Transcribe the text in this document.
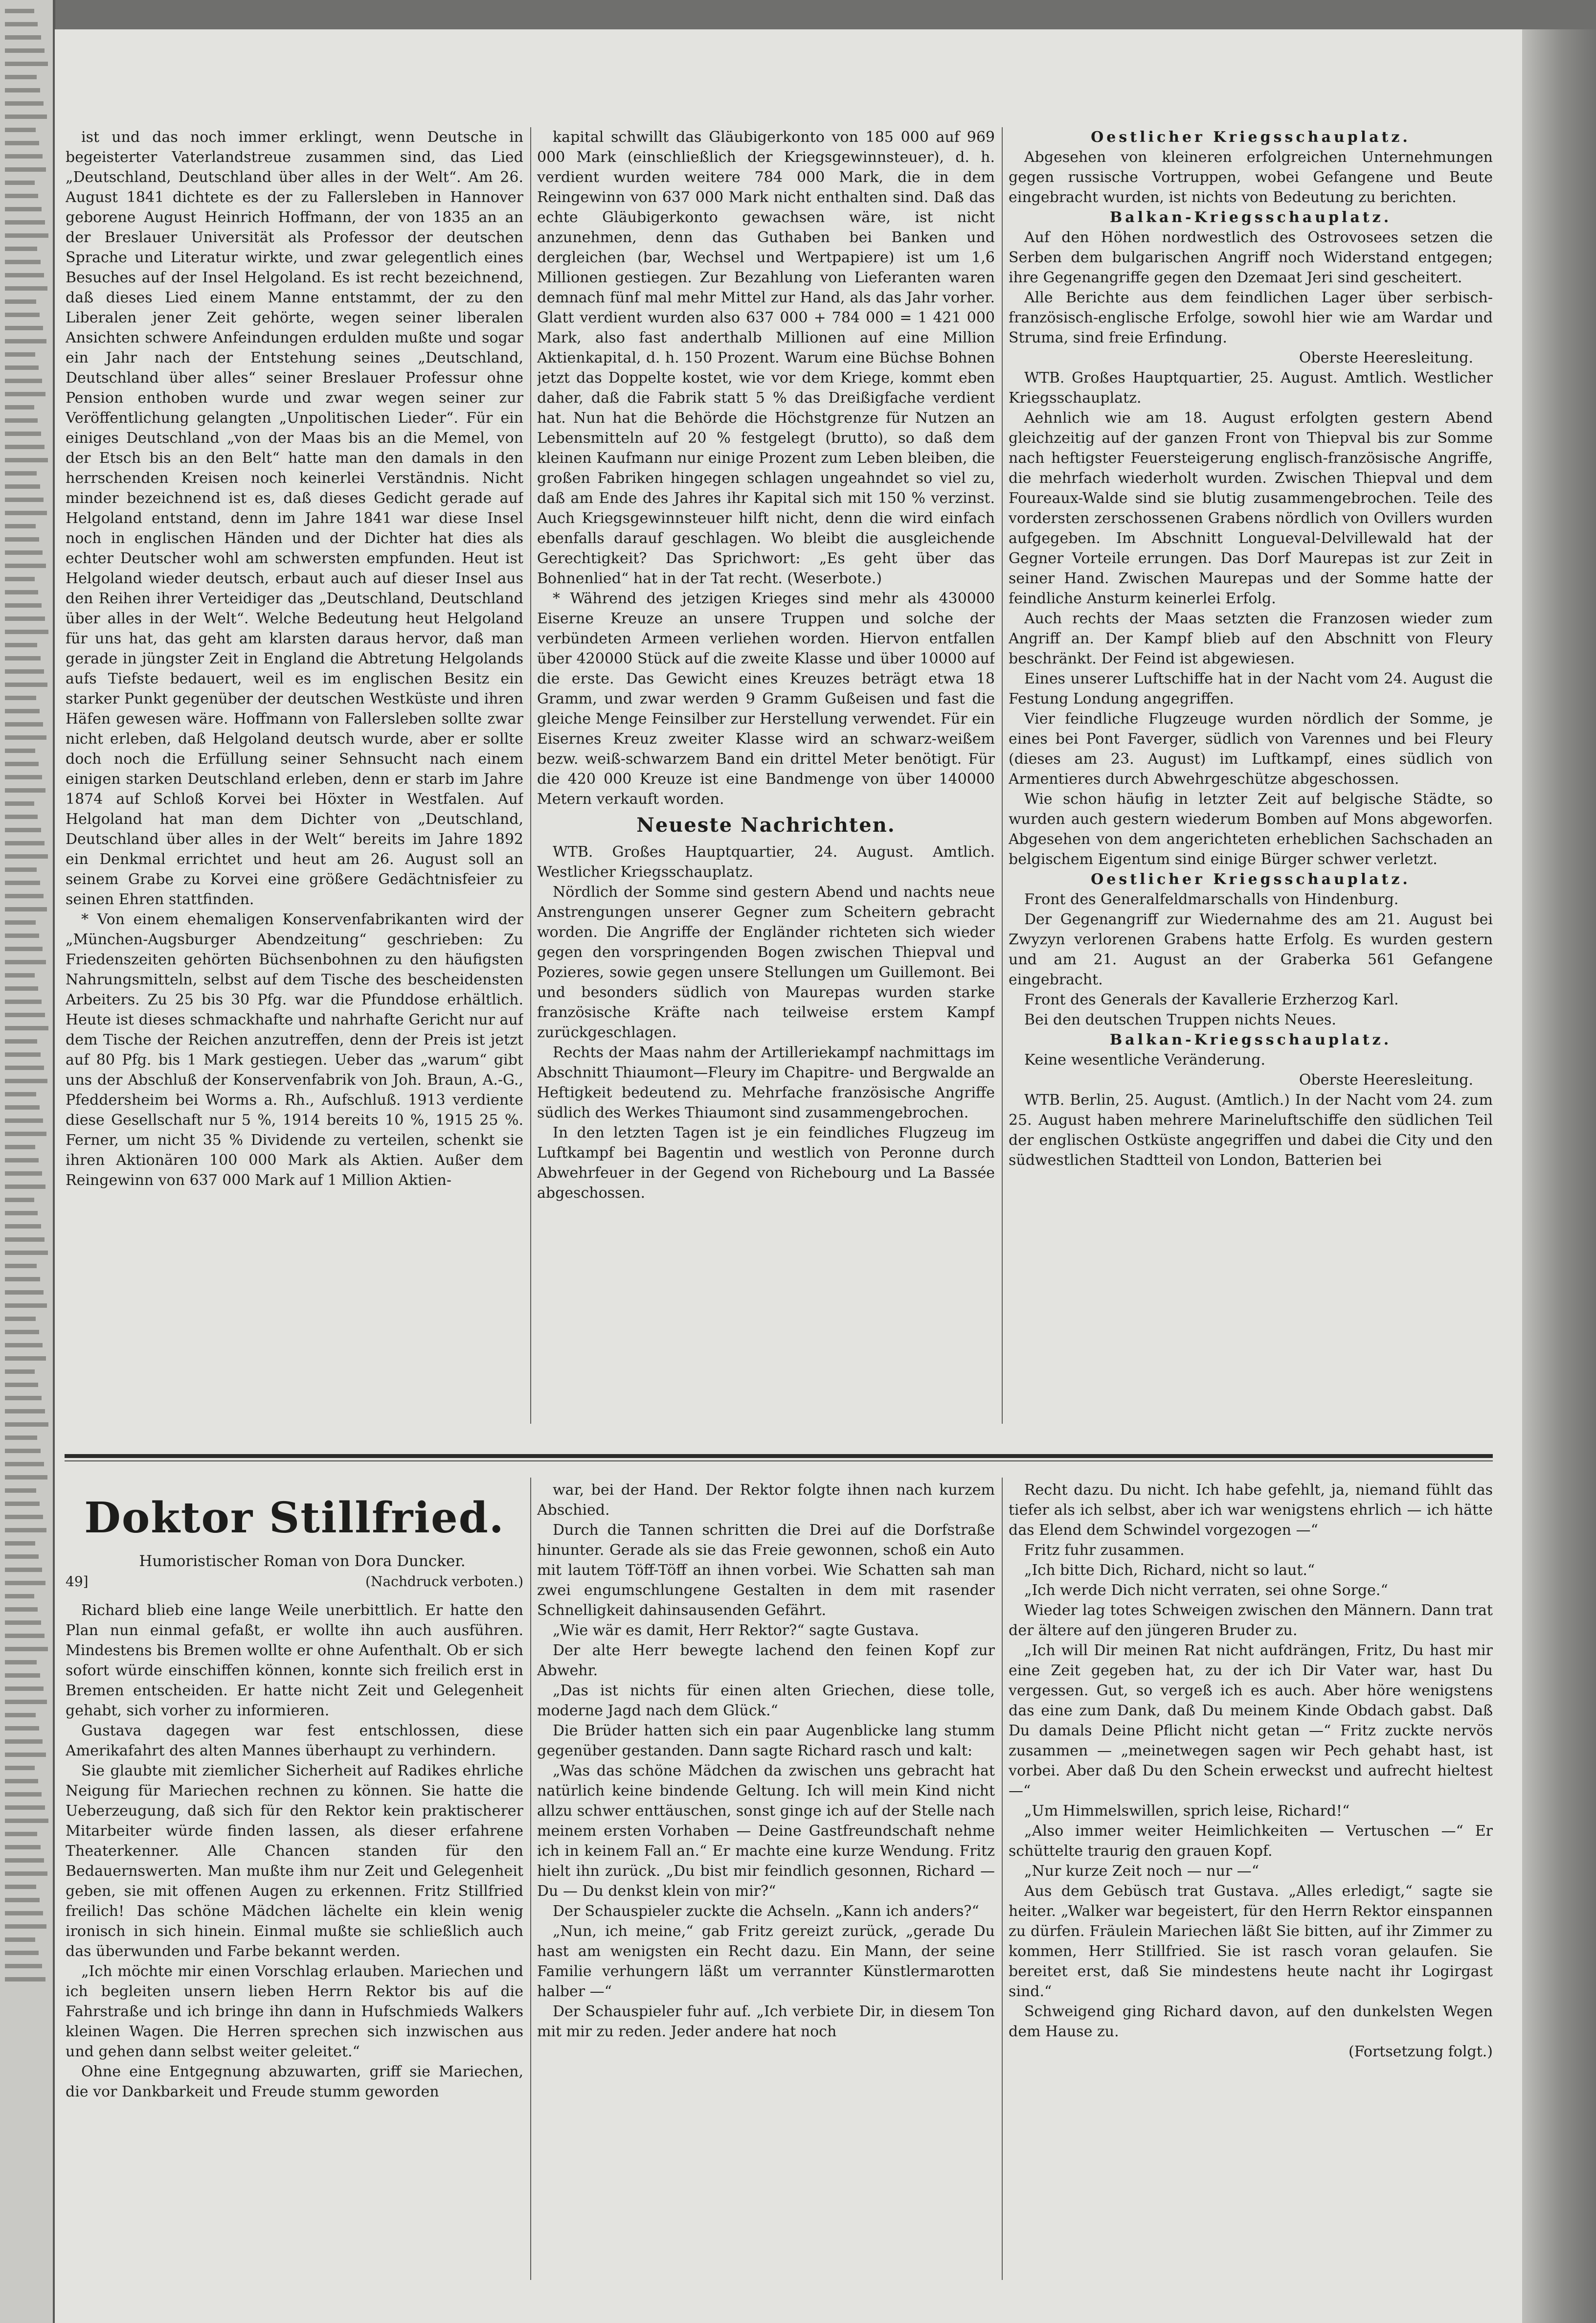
ist und das noch immer erklingt, wenn Deutsche in begeisterter Vaterlandstreue zusammen sind, das Lied „Deutschland, Deutschland über alles in der Welt“. Am 26. August 1841 dichtete es der zu Fallersleben in Hannover geborene August Heinrich Hoffmann, der von 1835 an an der Breslauer Universität als Professor der deutschen Sprache und Literatur wirkte, und zwar gelegentlich eines Besuches auf der Insel Helgoland. Es ist recht bezeichnend, daß dieses Lied einem Manne entstammt, der zu den Liberalen jener Zeit gehörte, wegen seiner liberalen Ansichten schwere Anfeindungen erdulden mußte und sogar ein Jahr nach der Entstehung seines „Deutschland, Deutschland über alles“ seiner Breslauer Professur ohne Pension enthoben wurde und zwar wegen seiner zur Veröffentlichung gelangten „Unpolitischen Lieder“. Für ein einiges Deutschland „von der Maas bis an die Memel, von der Etsch bis an den Belt“ hatte man den damals in den herrschenden Kreisen noch keinerlei Verständnis. Nicht minder bezeichnend ist es, daß dieses Gedicht gerade auf Helgoland entstand, denn im Jahre 1841 war diese Insel noch in englischen Händen und der Dichter hat dies als echter Deutscher wohl am schwersten empfunden. Heut ist Helgoland wieder deutsch, erbaut auch auf dieser Insel aus den Reihen ihrer Verteidiger das „Deutschland, Deutschland über alles in der Welt“. Welche Bedeutung heut Helgoland für uns hat, das geht am klarsten daraus hervor, daß man gerade in jüngster Zeit in England die Abtretung Helgolands aufs Tiefste bedauert, weil es im englischen Besitz ein starker Punkt gegenüber der deutschen Westküste und ihren Häfen gewesen wäre. Hoffmann von Fallersleben sollte zwar nicht erleben, daß Helgoland deutsch wurde, aber er sollte doch noch die Erfüllung seiner Sehnsucht nach einem einigen starken Deutschland erleben, denn er starb im Jahre 1874 auf Schloß Korvei bei Höxter in Westfalen. Auf Helgoland hat man dem Dichter von „Deutschland, Deutschland über alles in der Welt“ bereits im Jahre 1892 ein Denkmal errichtet und heut am 26. August soll an seinem Grabe zu Korvei eine größere Gedächtnisfeier zu seinen Ehren stattfinden.

* Von einem ehemaligen Konservenfabrikanten wird der „München-Augsburger Abendzeitung“ geschrieben: Zu Friedenszeiten gehörten Büchsenbohnen zu den häufigsten Nahrungsmitteln, selbst auf dem Tische des bescheidensten Arbeiters. Zu 25 bis 30 Pfg. war die Pfunddose erhältlich. Heute ist dieses schmackhafte und nahrhafte Gericht nur auf dem Tische der Reichen anzutreffen, denn der Preis ist jetzt auf 80 Pfg. bis 1 Mark gestiegen. Ueber das „warum“ gibt uns der Abschluß der Konservenfabrik von Joh. Braun, A.-G., Pfeddersheim bei Worms a. Rh., Aufschluß. 1913 verdiente diese Gesellschaft nur 5 %, 1914 bereits 10 %, 1915 25 %. Ferner, um nicht 35 % Dividende zu verteilen, schenkt sie ihren Aktionären 100 000 Mark als Aktien. Außer dem Reingewinn von 637 000 Mark auf 1 Million Aktien-

kapital schwillt das Gläubigerkonto von 185 000 auf 969 000 Mark (einschließlich der Kriegsgewinnsteuer), d. h. verdient wurden weitere 784 000 Mark, die in dem Reingewinn von 637 000 Mark nicht enthalten sind. Daß das echte Gläubigerkonto gewachsen wäre, ist nicht anzunehmen, denn das Guthaben bei Banken und dergleichen (bar, Wechsel und Wertpapiere) ist um 1,6 Millionen gestiegen. Zur Bezahlung von Lieferanten waren demnach fünf mal mehr Mittel zur Hand, als das Jahr vorher. Glatt verdient wurden also 637 000 + 784 000 = 1 421 000 Mark, also fast anderthalb Millionen auf eine Million Aktienkapital, d. h. 150 Prozent. Warum eine Büchse Bohnen jetzt das Doppelte kostet, wie vor dem Kriege, kommt eben daher, daß die Fabrik statt 5 % das Dreißigfache verdient hat. Nun hat die Behörde die Höchstgrenze für Nutzen an Lebensmitteln auf 20 % festgelegt (brutto), so daß dem kleinen Kaufmann nur einige Prozent zum Leben bleiben, die großen Fabriken hingegen schlagen ungeahndet so viel zu, daß am Ende des Jahres ihr Kapital sich mit 150 % verzinst. Auch Kriegsgewinnsteuer hilft nicht, denn die wird einfach ebenfalls darauf geschlagen. Wo bleibt die ausgleichende Gerechtigkeit? Das Sprichwort: „Es geht über das Bohnenlied“ hat in der Tat recht. (Weserbote.)

* Während des jetzigen Krieges sind mehr als 430000 Eiserne Kreuze an unsere Truppen und solche der verbündeten Armeen verliehen worden. Hiervon entfallen über 420000 Stück auf die zweite Klasse und über 10000 auf die erste. Das Gewicht eines Kreuzes beträgt etwa 18 Gramm, und zwar werden 9 Gramm Gußeisen und fast die gleiche Menge Feinsilber zur Herstellung verwendet. Für ein Eisernes Kreuz zweiter Klasse wird an schwarz-weißem bezw. weiß-schwarzem Band ein drittel Meter benötigt. Für die 420 000 Kreuze ist eine Bandmenge von über 140000 Metern verkauft worden.

Neueste Nachrichten.

WTB. Großes Hauptquartier, 24. August. Amtlich. Westlicher Kriegsschauplatz.

Nördlich der Somme sind gestern Abend und nachts neue Anstrengungen unserer Gegner zum Scheitern gebracht worden. Die Angriffe der Engländer richteten sich wieder gegen den vorspringenden Bogen zwischen Thiepval und Pozieres, sowie gegen unsere Stellungen um Guillemont. Bei und besonders südlich von Maurepas wurden starke französische Kräfte nach teilweise erstem Kampf zurückgeschlagen.

Rechts der Maas nahm der Artilleriekampf nachmittags im Abschnitt Thiaumont—Fleury im Chapitre- und Bergwalde an Heftigkeit bedeutend zu. Mehrfache französische Angriffe südlich des Werkes Thiaumont sind zusammengebrochen.

In den letzten Tagen ist je ein feindliches Flugzeug im Luftkampf bei Bagentin und westlich von Peronne durch Abwehrfeuer in der Gegend von Richebourg und La Bassée abgeschossen.

Oestlicher Kriegsschauplatz.

Abgesehen von kleineren erfolgreichen Unternehmungen gegen russische Vortruppen, wobei Gefangene und Beute eingebracht wurden, ist nichts von Bedeutung zu berichten.

Balkan-Kriegsschauplatz.

Auf den Höhen nordwestlich des Ostrovosees setzen die Serben dem bulgarischen Angriff noch Widerstand entgegen; ihre Gegenangriffe gegen den Dzemaat Jeri sind gescheitert.

Alle Berichte aus dem feindlichen Lager über serbisch-französisch-englische Erfolge, sowohl hier wie am Wardar und Struma, sind freie Erfindung.

Oberste Heeresleitung.

WTB. Großes Hauptquartier, 25. August. Amtlich. Westlicher Kriegsschauplatz.

Aehnlich wie am 18. August erfolgten gestern Abend gleichzeitig auf der ganzen Front von Thiepval bis zur Somme nach heftigster Feuersteigerung englisch-französische Angriffe, die mehrfach wiederholt wurden. Zwischen Thiepval und dem Foureaux-Walde sind sie blutig zusammengebrochen. Teile des vordersten zerschossenen Grabens nördlich von Ovillers wurden aufgegeben. Im Abschnitt Longueval-Delvillewald hat der Gegner Vorteile errungen. Das Dorf Maurepas ist zur Zeit in seiner Hand. Zwischen Maurepas und der Somme hatte der feindliche Ansturm keinerlei Erfolg.

Auch rechts der Maas setzten die Franzosen wieder zum Angriff an. Der Kampf blieb auf den Abschnitt von Fleury beschränkt. Der Feind ist abgewiesen.

Eines unserer Luftschiffe hat in der Nacht vom 24. August die Festung Londung angegriffen.

Vier feindliche Flugzeuge wurden nördlich der Somme, je eines bei Pont Faverger, südlich von Varennes und bei Fleury (dieses am 23. August) im Luftkampf, eines südlich von Armentieres durch Abwehrgeschütze abgeschossen.

Wie schon häufig in letzter Zeit auf belgische Städte, so wurden auch gestern wiederum Bomben auf Mons abgeworfen. Abgesehen von dem angerichteten erheblichen Sachschaden an belgischem Eigentum sind einige Bürger schwer verletzt.

Oestlicher Kriegsschauplatz.

Front des Generalfeldmarschalls von Hindenburg.

Der Gegenangriff zur Wiedernahme des am 21. August bei Zwyzyn verlorenen Grabens hatte Erfolg. Es wurden gestern und am 21. August an der Graberka 561 Gefangene eingebracht.

Front des Generals der Kavallerie Erzherzog Karl.

Bei den deutschen Truppen nichts Neues.

Balkan-Kriegsschauplatz.

Keine wesentliche Veränderung.

Oberste Heeresleitung.

WTB. Berlin, 25. August. (Amtlich.) In der Nacht vom 24. zum 25. August haben mehrere Marineluftschiffe den südlichen Teil der englischen Ostküste angegriffen und dabei die City und den südwestlichen Stadtteil von London, Batterien bei

Doktor Stillfried.

Humoristischer Roman von Dora Duncker.

49]	(Nachdruck verboten.)

Richard blieb eine lange Weile unerbittlich. Er hatte den Plan nun einmal gefaßt, er wollte ihn auch ausführen. Mindestens bis Bremen wollte er ohne Aufenthalt. Ob er sich sofort würde einschiffen können, konnte sich freilich erst in Bremen entscheiden. Er hatte nicht Zeit und Gelegenheit gehabt, sich vorher zu informieren.

Gustava dagegen war fest entschlossen, diese Amerikafahrt des alten Mannes überhaupt zu verhindern.

Sie glaubte mit ziemlicher Sicherheit auf Radikes ehrliche Neigung für Mariechen rechnen zu können. Sie hatte die Ueberzeugung, daß sich für den Rektor kein praktischerer Mitarbeiter würde finden lassen, als dieser erfahrene Theaterkenner. Alle Chancen standen für den Bedauernswerten. Man mußte ihm nur Zeit und Gelegenheit geben, sie mit offenen Augen zu erkennen. Fritz Stillfried freilich! Das schöne Mädchen lächelte ein klein wenig ironisch in sich hinein. Einmal mußte sie schließlich auch das überwunden und Farbe bekannt werden.

„Ich möchte mir einen Vorschlag erlauben. Mariechen und ich begleiten unsern lieben Herrn Rektor bis auf die Fahrstraße und ich bringe ihn dann in Hufschmieds Walkers kleinen Wagen. Die Herren sprechen sich inzwischen aus und gehen dann selbst weiter geleitet.“

Ohne eine Entgegnung abzuwarten, griff sie Mariechen, die vor Dankbarkeit und Freude stumm geworden

war, bei der Hand. Der Rektor folgte ihnen nach kurzem Abschied.

Durch die Tannen schritten die Drei auf die Dorfstraße hinunter. Gerade als sie das Freie gewonnen, schoß ein Auto mit lautem Töff-Töff an ihnen vorbei. Wie Schatten sah man zwei engumschlungene Gestalten in dem mit rasender Schnelligkeit dahinsausenden Gefährt.

„Wie wär es damit, Herr Rektor?“ sagte Gustava.

Der alte Herr bewegte lachend den feinen Kopf zur Abwehr.

„Das ist nichts für einen alten Griechen, diese tolle, moderne Jagd nach dem Glück.“

Die Brüder hatten sich ein paar Augenblicke lang stumm gegenüber gestanden. Dann sagte Richard rasch und kalt:

„Was das schöne Mädchen da zwischen uns gebracht hat natürlich keine bindende Geltung. Ich will mein Kind nicht allzu schwer enttäuschen, sonst ginge ich auf der Stelle nach meinem ersten Vorhaben — Deine Gastfreundschaft nehme ich in keinem Fall an.“ Er machte eine kurze Wendung. Fritz hielt ihn zurück. „Du bist mir feindlich gesonnen, Richard — Du — Du denkst klein von mir?“

Der Schauspieler zuckte die Achseln. „Kann ich anders?“

„Nun, ich meine,“ gab Fritz gereizt zurück, „gerade Du hast am wenigsten ein Recht dazu. Ein Mann, der seine Familie verhungern läßt um verrannter Künstlermarotten halber —“

Der Schauspieler fuhr auf. „Ich verbiete Dir, in diesem Ton mit mir zu reden. Jeder andere hat noch

Recht dazu. Du nicht. Ich habe gefehlt, ja, niemand fühlt das tiefer als ich selbst, aber ich war wenigstens ehrlich — ich hätte das Elend dem Schwindel vorgezogen —“

Fritz fuhr zusammen.

„Ich bitte Dich, Richard, nicht so laut.“

„Ich werde Dich nicht verraten, sei ohne Sorge.“

Wieder lag totes Schweigen zwischen den Männern. Dann trat der ältere auf den jüngeren Bruder zu.

„Ich will Dir meinen Rat nicht aufdrängen, Fritz, Du hast mir eine Zeit gegeben hat, zu der ich Dir Vater war, hast Du vergessen. Gut, so vergeß ich es auch. Aber höre wenigstens das eine zum Dank, daß Du meinem Kinde Obdach gabst. Daß Du damals Deine Pflicht nicht getan —“ Fritz zuckte nervös zusammen — „meinetwegen sagen wir Pech gehabt hast, ist vorbei. Aber daß Du den Schein erweckst und aufrecht hieltest —“

„Um Himmelswillen, sprich leise, Richard!“

„Also immer weiter Heimlichkeiten — Vertuschen —“ Er schüttelte traurig den grauen Kopf.

„Nur kurze Zeit noch — nur —“

Aus dem Gebüsch trat Gustava. „Alles erledigt,“ sagte sie heiter. „Walker war begeistert, für den Herrn Rektor einspannen zu dürfen. Fräulein Mariechen läßt Sie bitten, auf ihr Zimmer zu kommen, Herr Stillfried. Sie ist rasch voran gelaufen. Sie bereitet erst, daß Sie mindestens heute nacht ihr Logirgast sind.“

Schweigend ging Richard davon, auf den dunkelsten Wegen dem Hause zu.

(Fortsetzung folgt.)
